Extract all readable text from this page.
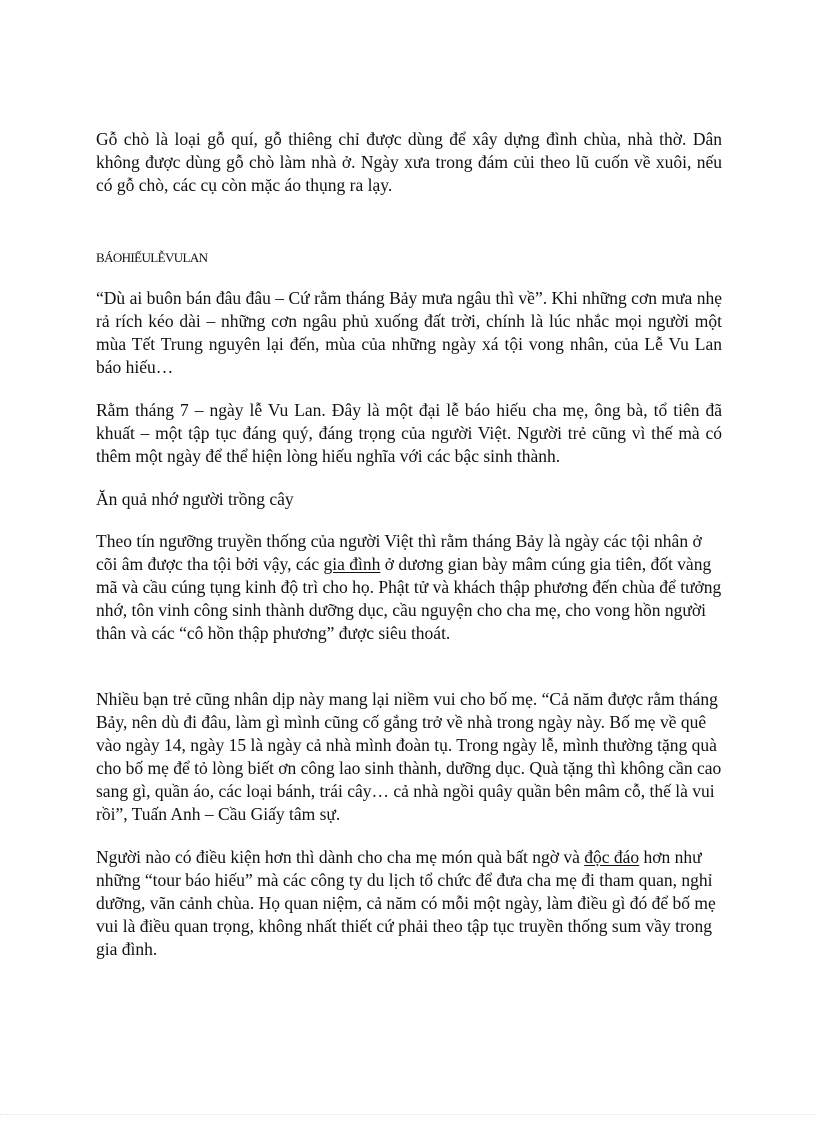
Gỗ chò là loại gỗ quí, gỗ thiêng chỉ được dùng để xây dựng đình chùa, nhà thờ. Dân không được dùng gỗ chò làm nhà ở. Ngày xưa trong đám củi theo lũ cuốn về xuôi, nếu có gỗ chò, các cụ còn mặc áo thụng ra lạy.

BÁOHIẾULỄVULAN

“Dù ai buôn bán đâu đâu – Cứ rằm tháng Bảy mưa ngâu thì về”. Khi những cơn mưa nhẹ rả rích kéo dài – những cơn ngâu phủ xuống đất trời, chính là lúc nhắc mọi người một mùa Tết Trung nguyên lại đến, mùa của những ngày xá tội vong nhân, của Lễ Vu Lan báo hiếu…

Rằm tháng 7 – ngày lễ Vu Lan. Đây là một đại lễ báo hiếu cha mẹ, ông bà, tổ tiên đã khuất – một tập tục đáng quý, đáng trọng của người Việt. Người trẻ cũng vì thế mà có thêm một ngày để thể hiện lòng hiếu nghĩa với các bậc sinh thành.

Ăn quả nhớ người trồng cây

Theo tín ngưỡng truyền thống của người Việt thì rằm tháng Bảy là ngày các tội nhân ở cõi âm được tha tội bởi vậy, các gia đình ở dương gian bày mâm cúng gia tiên, đốt vàng mã và cầu cúng tụng kinh độ trì cho họ. Phật tử và khách thập phương đến chùa để tưởng nhớ, tôn vinh công sinh thành dưỡng dục, cầu nguyện cho cha mẹ, cho vong hồn người thân và các “cô hồn thập phương” được siêu thoát.

Nhiều bạn trẻ cũng nhân dịp này mang lại niềm vui cho bố mẹ. “Cả năm được rằm tháng Bảy, nên dù đi đâu, làm gì mình cũng cố gắng trở về nhà trong ngày này. Bố mẹ về quê vào ngày 14, ngày 15 là ngày cả nhà mình đoàn tụ. Trong ngày lễ, mình thường tặng quà cho bố mẹ để tỏ lòng biết ơn công lao sinh thành, dưỡng dục. Quà tặng thì không cần cao sang gì, quần áo, các loại bánh, trái cây… cả nhà ngồi quây quần bên mâm cỗ, thế là vui rồi”, Tuấn Anh – Cầu Giấy tâm sự.

Người nào có điều kiện hơn thì dành cho cha mẹ món quà bất ngờ và độc đáo hơn như những “tour báo hiếu” mà các công ty du lịch tổ chức để đưa cha mẹ đi tham quan, nghỉ dưỡng, vãn cảnh chùa. Họ quan niệm, cả năm có mỗi một ngày, làm điều gì đó để bố mẹ vui là điều quan trọng, không nhất thiết cứ phải theo tập tục truyền thống sum vầy trong gia đình.
